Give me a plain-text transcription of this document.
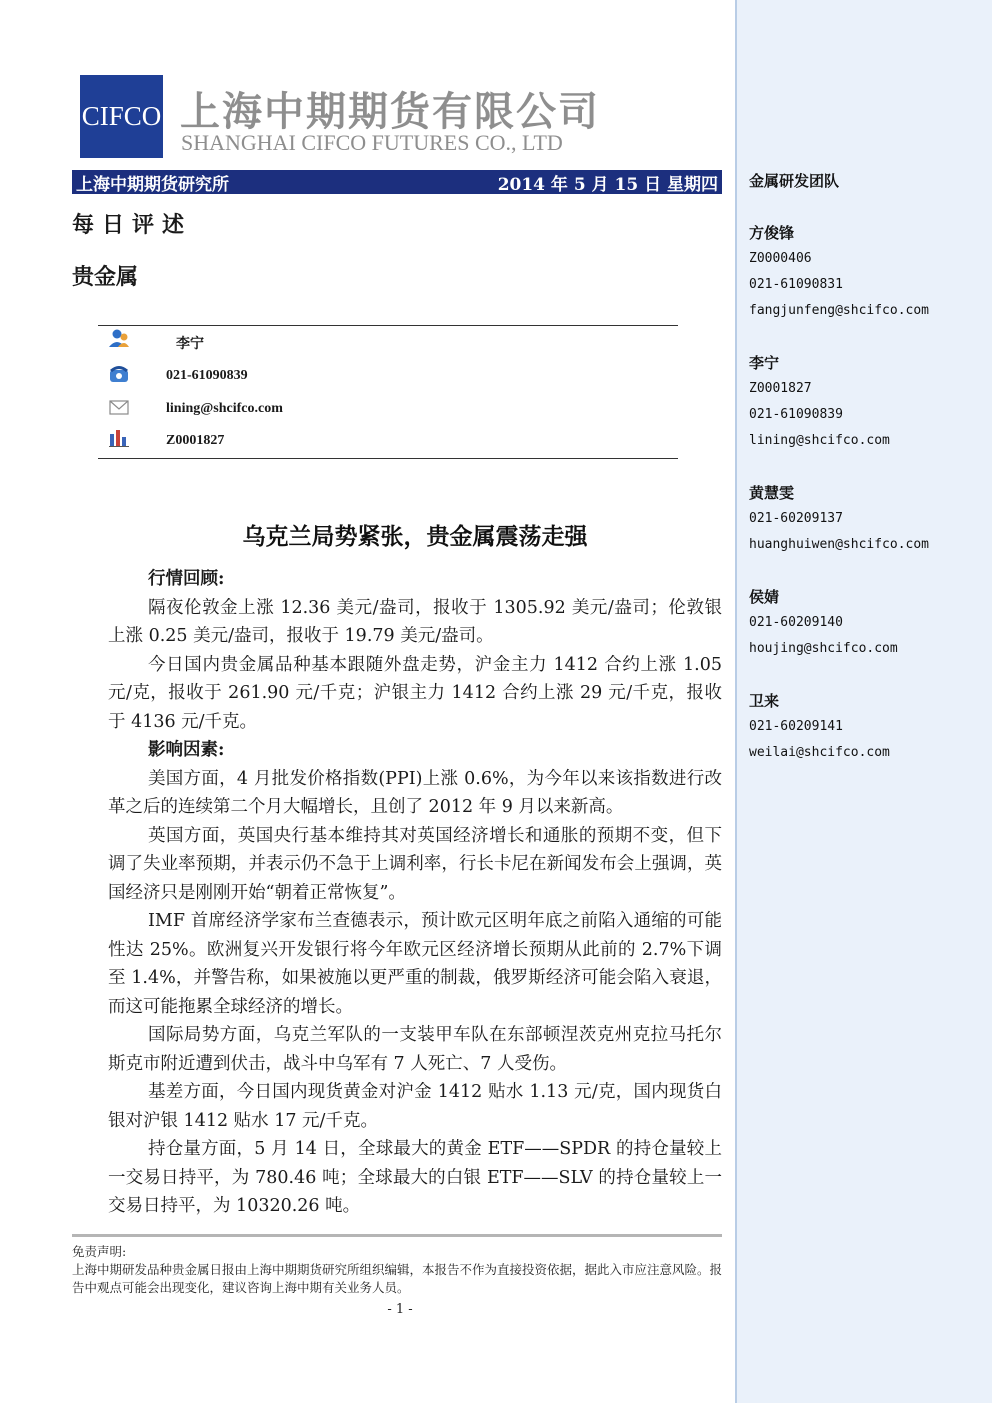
CIFCO 上海中期期货有限公司
SHANGHAI CIFCO FUTURES CO., LTD
上海中期期货研究所	2014 年 5 月 15 日 星期四
每日评述
贵金属
李宁
021-61090839
lining@shcifco.com
Z0001827
乌克兰局势紧张，贵金属震荡走强
行情回顾:

隔夜伦敦金上涨 12.36 美元/盎司，报收于 1305.92 美元/盎司；伦敦银上涨 0.25 美元/盎司，报收于 19.79 美元/盎司。

今日国内贵金属品种基本跟随外盘走势，沪金主力 1412 合约上涨 1.05 元/克，报收于 261.90 元/千克；沪银主力 1412 合约上涨 29 元/千克，报收于 4136 元/千克。

影响因素:

美国方面，4 月批发价格指数(PPI)上涨 0.6%，为今年以来该指数进行改革之后的连续第二个月大幅增长，且创了 2012 年 9 月以来新高。

英国方面，英国央行基本维持其对英国经济增长和通胀的预期不变，但下调了失业率预期，并表示仍不急于上调利率，行长卡尼在新闻发布会上强调，英国经济只是刚刚开始“朝着正常恢复”。

IMF 首席经济学家布兰查德表示，预计欧元区明年底之前陷入通缩的可能性达 25%。欧洲复兴开发银行将今年欧元区经济增长预期从此前的 2.7%下调至 1.4%，并警告称，如果被施以更严重的制裁，俄罗斯经济可能会陷入衰退，而这可能拖累全球经济的增长。

国际局势方面，乌克兰军队的一支装甲车队在东部顿涅茨克州克拉马托尔斯克市附近遭到伏击，战斗中乌军有 7 人死亡、7 人受伤。

基差方面，今日国内现货黄金对沪金 1412 贴水 1.13 元/克，国内现货白银对沪银 1412 贴水 17 元/千克。

持仓量方面，5 月 14 日，全球最大的黄金 ETF——SPDR 的持仓量较上一交易日持平，为 780.46 吨；全球最大的白银 ETF——SLV 的持仓量较上一交易日持平，为 10320.26 吨。

免责声明:
上海中期研发品种贵金属日报由上海中期期货研究所组织编辑，本报告不作为直接投资依据，据此入市应注意风险。报告中观点可能会出现变化，建议咨询上海中期有关业务人员。
- 1 -
金属研发团队
方俊锋
Z0000406
021-61090831
fangjunfeng@shcifco.com
李宁
Z0001827
021-61090839
lining@shcifco.com
黄慧雯
021-60209137
huanghuiwen@shcifco.com
侯婧
021-60209140
houjing@shcifco.com
卫来
021-60209141
weilai@shcifco.com
